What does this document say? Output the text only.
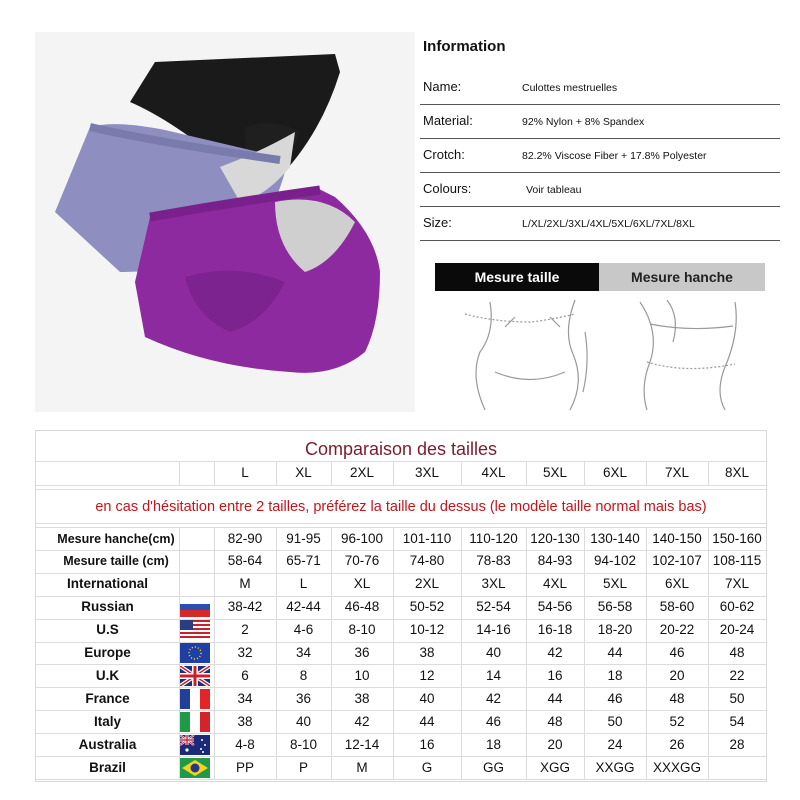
Information
Name:	Culottes mestruelles
Material:	92% Nylon + 8% Spandex
Crotch:	82.2% Viscose Fiber + 17.8% Polyester
Colours:	Voir tableau
Size:	L/XL/2XL/3XL/4XL/5XL/6XL/7XL/8XL
Mesure taille	Mesure hanche
Comparaison des tailles
en cas d'hésitation entre 2 tailles, préférez la taille du dessus (le modèle taille normal mais bas)
L	XL	2XL	3XL	4XL	5XL	6XL	7XL	8XL
Mesure hanche(cm)	82-90	91-95	96-100	101-110	110-120 120-130 130-140 140-150 150-160
Mesure taille (cm)	58-64	65-71	70-76	74-80	78-83	84-93	94-102	102-107 108-115
International	M	L	XL	2XL	3XL	4XL	5XL	6XL	7XL
Russian	38-42	42-44	46-48	50-52	52-54	54-56	56-58	58-60	60-62
U.S	2	4-6	8-10	10-12	14-16	16-18	18-20	20-22	20-24
Europe	32	34	36	38	40	42	44	46	48
U.K	6	8	10	12	14	16	18	20	22
France	34	36	38	40	42	44	46	48	50
Italy	38	40	42	44	46	48	50	52	54
Australia	4-8	8-10	12-14	16	18	20	24	26	28
Brazil	PP	P	M	G	GG	XGG	XXGG	XXXGG
